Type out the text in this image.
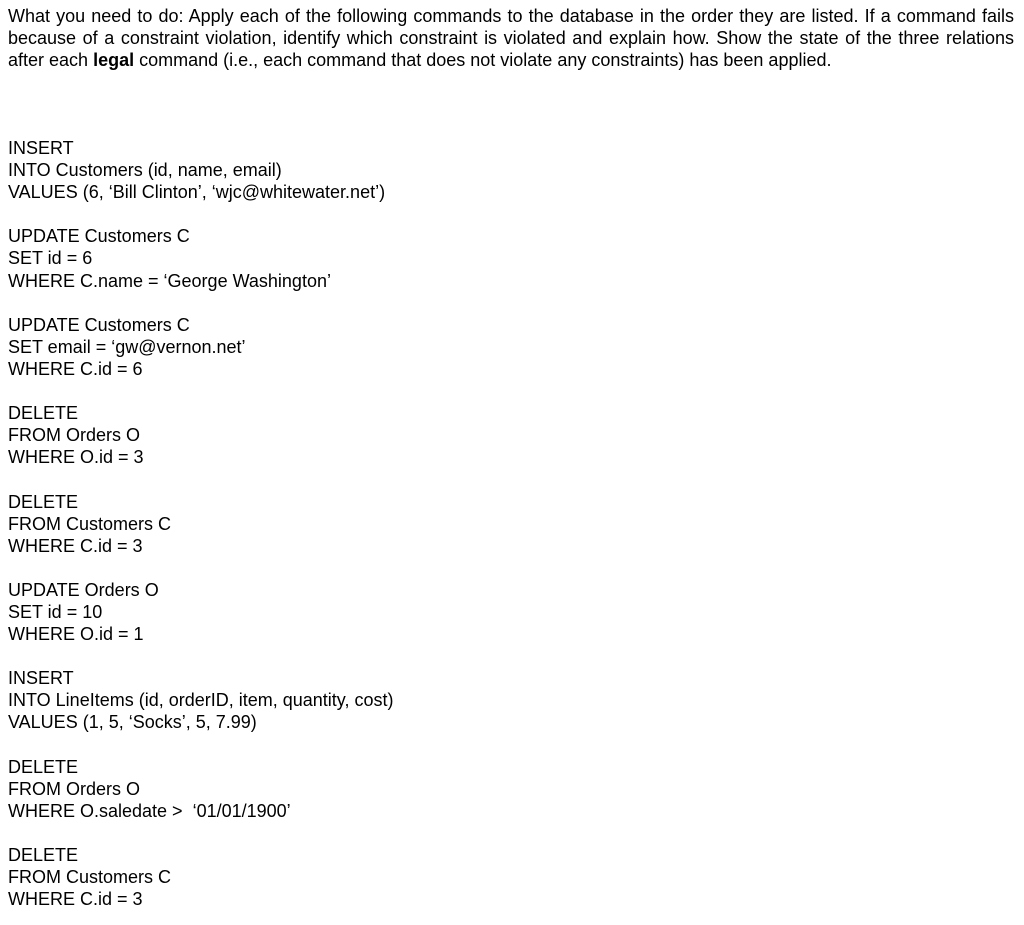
What you need to do: Apply each of the following commands to the database in the order they are listed. If a command fails because of a constraint violation, identify which constraint is violated and explain how. Show the state of the three relations after each legal command (i.e., each command that does not violate any constraints) has been applied.

INSERT
INTO Customers (id, name, email)
VALUES (6, ‘Bill Clinton’, ‘wjc@whitewater.net’)
UPDATE Customers C
SET id = 6
WHERE C.name = ‘George Washington’
UPDATE Customers C
SET email = ‘gw@vernon.net’
WHERE C.id = 6
DELETE
FROM Orders O
WHERE O.id = 3
DELETE
FROM Customers C
WHERE C.id = 3
UPDATE Orders O
SET id = 10
WHERE O.id = 1
INSERT
INTO LineItems (id, orderID, item, quantity, cost)
VALUES (1, 5, ‘Socks’, 5, 7.99)
DELETE
FROM Orders O
WHERE O.saledate >  ‘01/01/1900’
DELETE
FROM Customers C
WHERE C.id = 3
